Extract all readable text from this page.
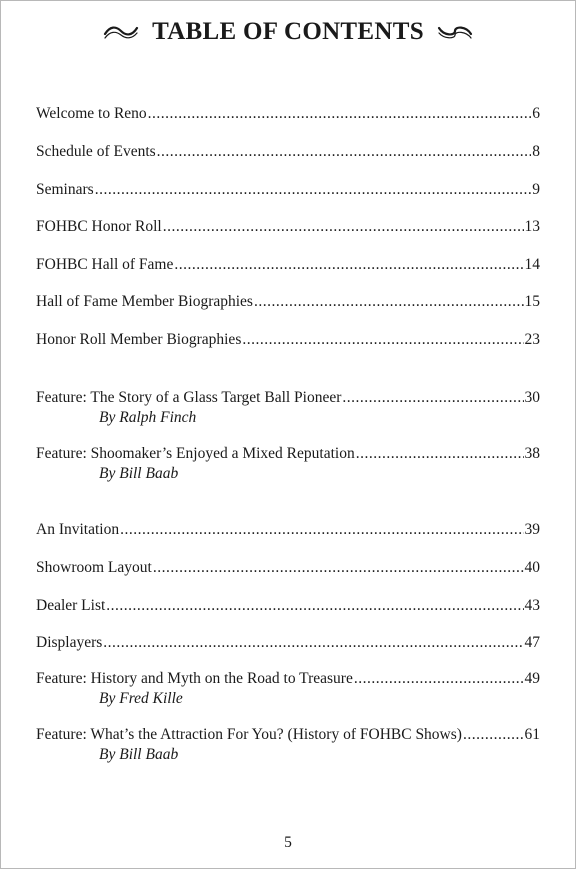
TABLE OF CONTENTS
Welcome to Reno .....	6
Schedule of Events .....	8
Seminars .....	9
FOHBC Honor Roll .....	13
FOHBC Hall of Fame .....	14
Hall of Fame Member Biographies .....	15
Honor Roll Member Biographies .....	23
Feature: The Story of a Glass Target Ball Pioneer .....	30
By Ralph Finch
Feature: Shoomaker’s Enjoyed a Mixed Reputation .....	38
By Bill Baab
An Invitation .....	39
Showroom Layout .....	40
Dealer List .....	43
Displayers .....	47
Feature: History and Myth on the Road to Treasure .....	49
By Fred Kille
Feature: What’s the Attraction For You? (History of FOHBC Shows) .....	61
By Bill Baab
5
